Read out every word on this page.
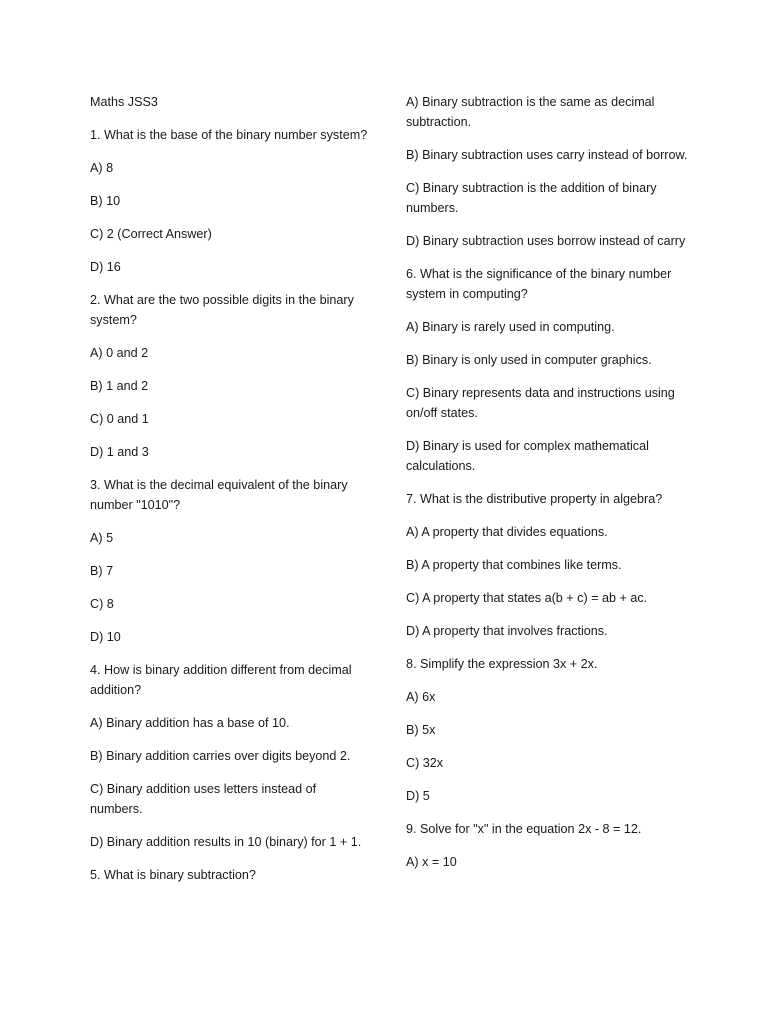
Maths JSS3

1. What is the base of the binary number system?

A) 8

B) 10

C) 2 (Correct Answer)

D) 16

2. What are the two possible digits in the binary system?

A) 0 and 2

B) 1 and 2

C) 0 and 1

D) 1 and 3

3. What is the decimal equivalent of the binary number "1010"?

A) 5

B) 7

C) 8

D) 10

4. How is binary addition different from decimal addition?

A) Binary addition has a base of 10.

B) Binary addition carries over digits beyond 2.

C) Binary addition uses letters instead of numbers.

D) Binary addition results in 10 (binary) for 1 + 1.

5. What is binary subtraction?

A) Binary subtraction is the same as decimal subtraction.

B) Binary subtraction uses carry instead of borrow.

C) Binary subtraction is the addition of binary numbers.

D) Binary subtraction uses borrow instead of carry

6. What is the significance of the binary number system in computing?

A) Binary is rarely used in computing.

B) Binary is only used in computer graphics.

C) Binary represents data and instructions using on/off states.

D) Binary is used for complex mathematical calculations.

7. What is the distributive property in algebra?

A) A property that divides equations.

B) A property that combines like terms.

C) A property that states a(b + c) = ab + ac.

D) A property that involves fractions.

8. Simplify the expression 3x + 2x.

A) 6x

B) 5x

C) 32x

D) 5

9. Solve for "x" in the equation 2x - 8 = 12.

A) x = 10
